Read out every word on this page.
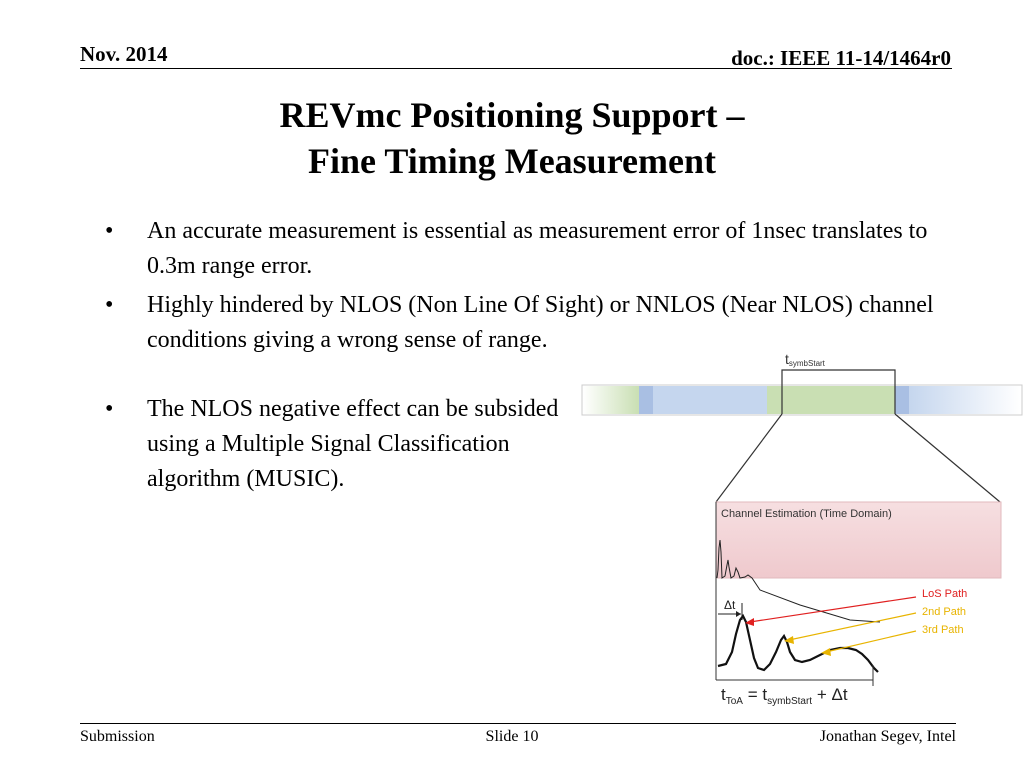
Nov. 2014	doc.: IEEE 11-14/1464r0
REVmc Positioning Support –
Fine Timing Measurement
• An accurate measurement is essential as measurement error of 1nsec translates to 0.3m range error.
• Highly hindered by NLOS (Non Line Of Sight) or NNLOS (Near NLOS) channel conditions giving a wrong sense of range.
•	The NLOS negative effect can be subsided using a Multiple Signal Classification algorithm (MUSIC).
tsymbStart
Channel Estimation (Time Domain)
Δt
LoS Path
2nd Path
3rd Path
$t_{ToA} = t_{symbStart} + \Delta t$
Submission	Slide 10	Jonathan Segev, Intel
